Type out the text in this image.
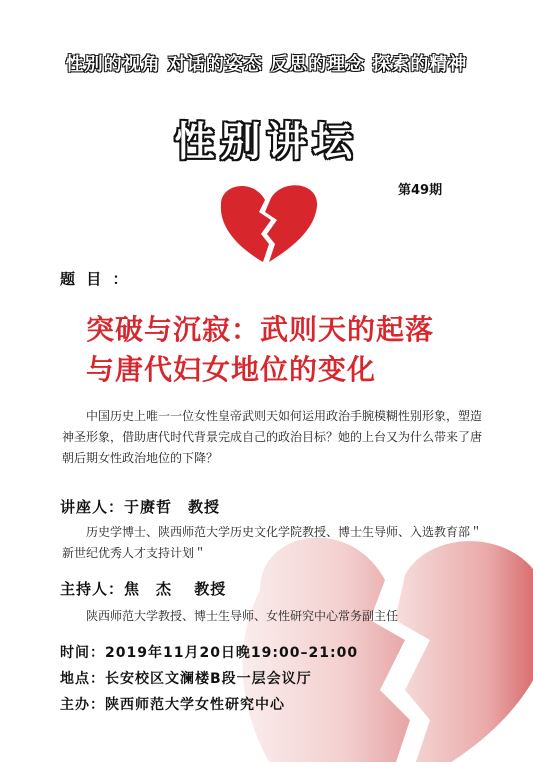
性别的视角 对话的姿态 反思的理念 探索的精神
性别讲坛
第49期
题 目 ：
突破与沉寂：武则天的起落
与唐代妇女地位的变化
中国历史上唯一一位女性皇帝武则天如何运用政治手腕模糊性别形象，塑造神圣形象，借助唐代时代背景完成自己的政治目标？她的上台又为什么带来了唐朝后期女性政治地位的下降？
讲座人：于赓哲　教授
历史学博士、陕西师范大学历史文化学院教授、博士生导师、入选教育部＂新世纪优秀人才支持计划＂
主持人：焦　杰　 教授
陕西师范大学教授、博士生导师、女性研究中心常务副主任
时间：2019年11月20日晚19:00–21:00
地点：长安校区文澜楼B段一层会议厅
主办：陕西师范大学女性研究中心
